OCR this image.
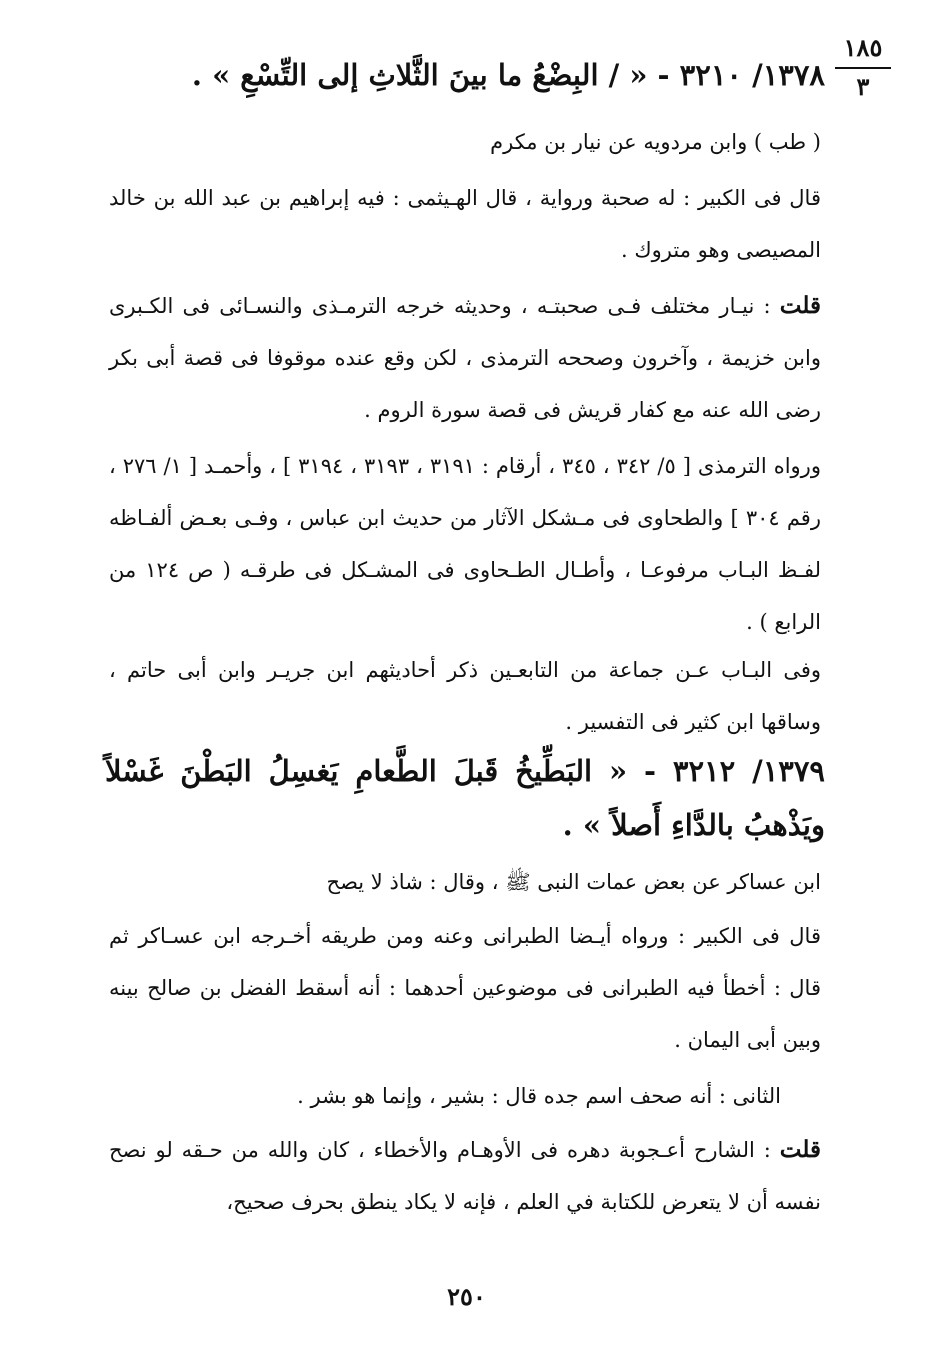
١٨٥
٣
١٣٧٨/ ٣٢١٠ - « / البِضْعُ ما بينَ الثَّلاثِ إلى التِّسْعِ » .
( طب ) وابن مردويه عن نيار بن مكرم
قال فى الكبير : له صحبة ورواية ، قال الهـيثمى : فيه إبراهيم بن عبد الله بن خالد المصيصى وهو متروك .
قلت : نيـار مختلف فـى صحبتـه ، وحديثه خرجه الترمـذى والنسـائى فى الكـبرى وابن خزيمة ، وآخرون وصححه الترمذى ، لكن وقع عنده موقوفا فى قصة أبى بكر رضى الله عنه مع كفار قريش فى قصة سورة الروم .
ورواه الترمذى [ ٥/ ٣٤٢ ، ٣٤٥ ، أرقام : ٣١٩١ ، ٣١٩٣ ، ٣١٩٤ ] ، وأحمـد [ ١/ ٢٧٦ ، رقم ٣٠٤ ] والطحاوى فى مـشكل الآثار من حديث ابن عباس ، وفـى بعـض ألفـاظه لفـظ البـاب مرفوعـا ، وأطـال الطـحاوى فى المشـكل فى طرقـه ( ص ١٢٤ من الرابع ) .
وفى البـاب عـن جماعة من التابعـين ذكر أحاديثهم ابن جريـر وابن أبى حاتم ، وساقها ابن كثير فى التفسير .
١٣٧٩/ ٣٢١٢ - « البَطِّيخُ قَبلَ الطَّعامِ يَغسِلُ البَطْنَ غَسْلاً ويَذْهبُ بالدَّاءِ أَصلاً » .
ابن عساكر عن بعض عمات النبى ﷺ ، وقال : شاذ لا يصح
قال فى الكبير : ورواه أيـضا الطبرانى وعنه ومن طريقه أخـرجه ابن عسـاكر ثم قال : أخطأ فيه الطبرانى فى موضوعين أحدهما : أنه أسقط الفضل بن صالح بينه وبين أبى اليمان .
الثانى : أنه صحف اسم جده قال : بشير ، وإنما هو بشر .
قلت : الشارح أعـجوبة دهره فى الأوهـام والأخطاء ، كان والله من حـقه لو نصح نفسه أن لا يتعرض للكتابة في العلم ، فإنه لا يكاد ينطق بحرف صحيح،
٢٥٠
